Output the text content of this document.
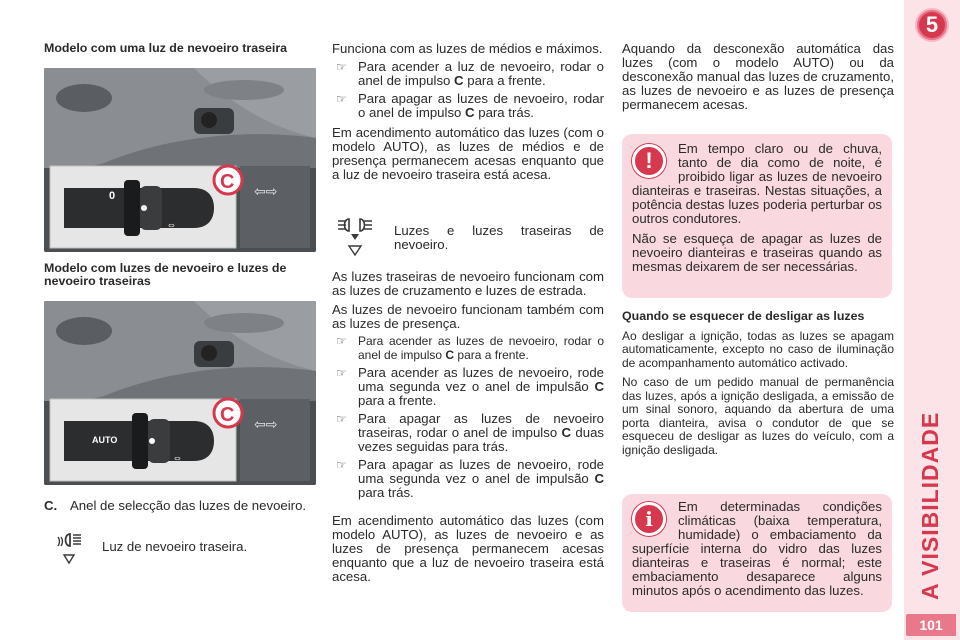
5
A VISIBILIDADE
101
Modelo com uma luz de nevoeiro traseira
0
⇔
⇦⇨
C
Modelo com luzes de nevoeiro e luzes de nevoeiro traseiras
AUTO
⇔
⇦⇨
C
C. Anel de selecção das luzes de nevoeiro.

Luz de nevoeiro traseira.

Funciona com as luzes de médios e máximos.

☞ Para acender a luz de nevoeiro, rodar o anel de impulso C para a frente.
☞ Para apagar as luzes de nevoeiro, rodar o anel de impulso C para trás.

Em acendimento automático das luzes (com o modelo AUTO), as luzes de médios e de presença permanecem acesas enquanto que a luz de nevoeiro traseira está acesa.

Luzes e luzes traseiras de nevoeiro.

As luzes traseiras de nevoeiro funcionam com as luzes de cruzamento e luzes de estrada.

As luzes de nevoeiro funcionam também com as luzes de presença.

☞ Para acender as luzes de nevoeiro, rodar o anel de impulso C para a frente.
☞ Para acender as luzes de nevoeiro, rode uma segunda vez o anel de impulsão C para a frente.
☞ Para apagar as luzes de nevoeiro traseiras, rodar o anel de impulso C duas vezes seguidas para trás.
☞ Para apagar as luzes de nevoeiro, rode uma segunda vez o anel de impulsão C para trás.

Em acendimento automático das luzes (com modelo AUTO), as luzes de nevoeiro e as luzes de presença permanecem acesas enquanto que a luz de nevoeiro traseira está acesa.

Aquando da desconexão automática das luzes (com o modelo AUTO) ou da desconexão manual das luzes de cruzamento, as luzes de nevoeiro e as luzes de presença permanecem acesas.

!	Em tempo claro ou de chuva, tanto de dia como de noite, é proibido ligar as luzes de nevoeiro dianteiras e traseiras. Nestas situações, a potência destas luzes poderia perturbar os outros condutores.

Não se esqueça de apagar as luzes de nevoeiro dianteiras e traseiras quando as mesmas deixarem de ser necessárias.

Quando se esquecer de desligar as luzes

Ao desligar a ignição, todas as luzes se apagam automaticamente, excepto no caso de iluminação de acompanhamento automático activado.

No caso de um pedido manual de permanência das luzes, após a ignição desligada, a emissão de um sinal sonoro, aquando da abertura de uma porta dianteira, avisa o condutor de que se esqueceu de desligar as luzes do veículo, com a ignição desligada.

i

Em determinadas condições climáticas (baixa temperatura, humidade) o embaciamento da superfície interna do vidro das luzes dianteiras e traseiras é normal; este embaciamento desaparece alguns minutos após o acendimento das luzes.
